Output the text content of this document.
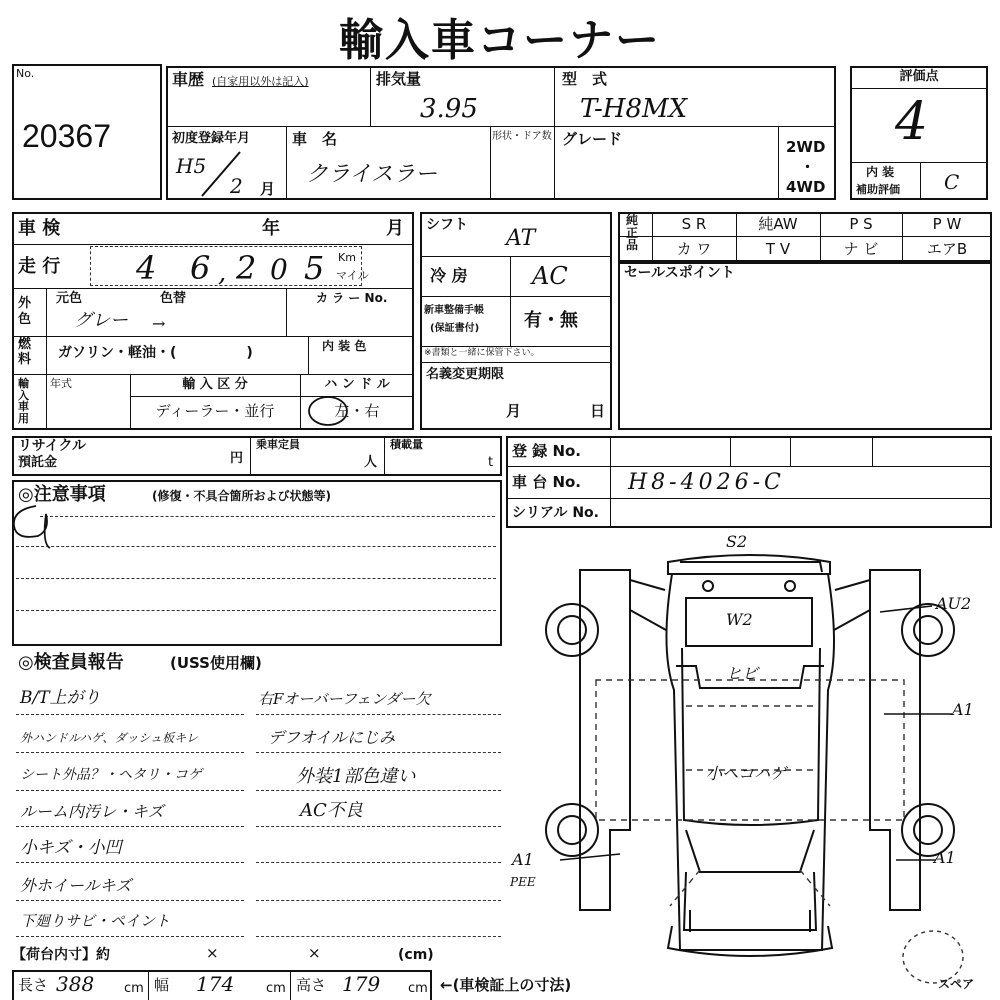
輸入車コーナー
No.
20367
車歴 (自家用以外は記入)	排気量
3.95
型　式
T-H8MX
初度登録年月
H5
2 月
車　名
クライスラー
形状・ドア数 グレード	2WD
・
4WD
評価点
4
内 装
補助評価 C
車 検	年	月
走 行 4 6 , 2 0 5 Km
マイル
外色
元色	色替
グレー →
カ ラ ー No.
燃料 ガソリン・軽油・(　　　　　)	内 装 色
輸入車用
年式	輸 入 区 分	ハ ン ド ル
ディーラー・並行	左・右
シフト
AT
冷 房	AC
新車整備手帳
(保証書付) 有・無
※書類と一緒に保管下さい。
名義変更期限
月	日
純正品
S R	純AW	P S	P W
カ ワ	T V	ナ ビ	エアB
セールスポイント
リサイクル
預託金	円
乗車定員
人
積載量
t
登 録 No.
車 台 No. H8-4026-C
シリアル No.
◎注意事項	(修復・不具合箇所および状態等)
◎検査員報告	(USS使用欄)
B/T上がり
外ハンドルハゲ、ダッシュ板キレ
シート外品？・ヘタリ・コゲ
ルーム内汚レ・キズ
小キズ・小凹
外ホイールキズ
下廻りサビ・ペイント
右Fオーバーフェンダー欠
デフオイルにじみ
外装1部色違い
AC不良
S2
W2
ヒビ
小ヘコハゲ
AU2
A1
A1
A1
PEE
スペア
【荷台内寸】約	×	×	(cm)
長さ 388 cm 幅 174 cm 高さ 179 cm ←(車検証上の寸法)
